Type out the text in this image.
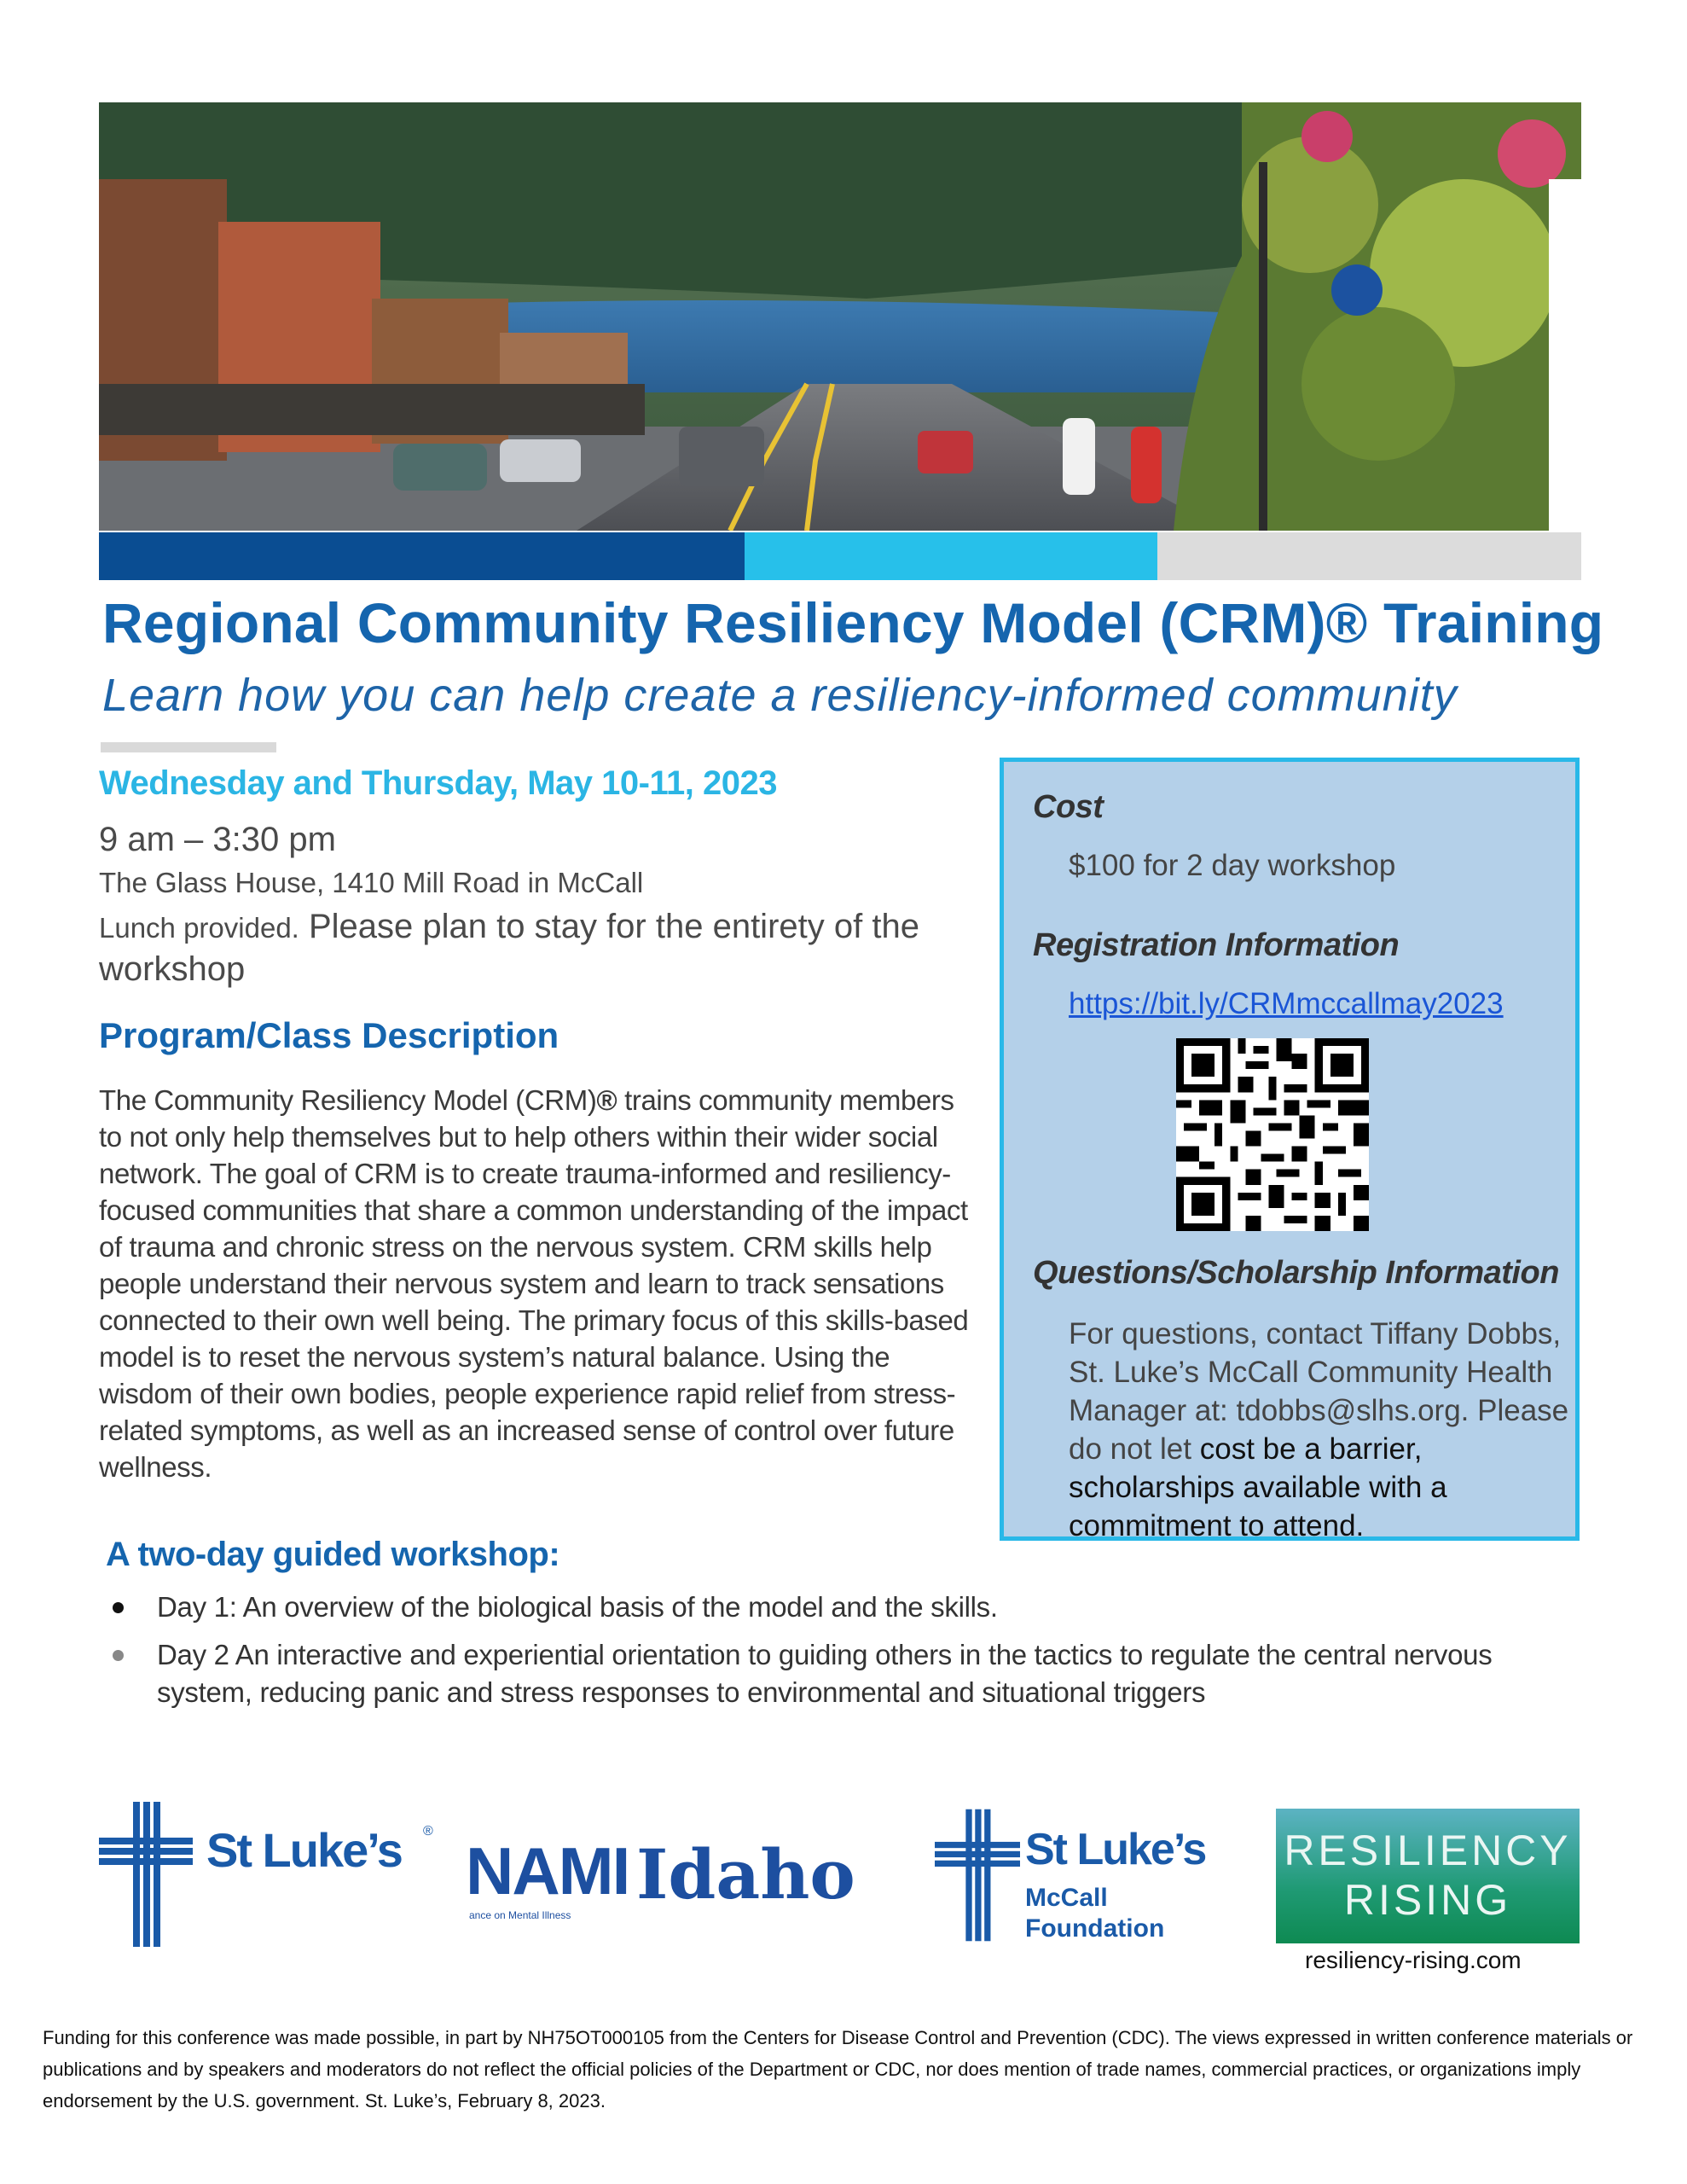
Regional Community Resiliency Model (CRM)® Training
Learn how you can help create a resiliency-informed community
Wednesday and Thursday, May 10-11, 2023
9 am – 3:30 pm
The Glass House, 1410 Mill Road in McCall
Lunch provided. Please plan to stay for the entirety of the workshop
Program/Class Description
The Community Resiliency Model (CRM)® trains community members to not only help themselves but to help others within their wider social network. The goal of CRM is to create trauma-informed and resiliency-focused communities that share a common understanding of the impact of trauma and chronic stress on the nervous system. CRM skills help people understand their nervous system and learn to track sensations connected to their own well being. The primary focus of this skills-based model is to reset the nervous system’s natural balance. Using the wisdom of their own bodies, people experience rapid relief from stress-related symptoms, as well as an increased sense of control over future wellness.
Cost
$100 for 2 day workshop
Registration Information
https://bit.ly/CRMmccallmay2023
Questions/Scholarship Information
For questions, contact Tiffany Dobbs, St. Luke’s McCall Community Health Manager at: tdobbs@slhs.org. Please do not let cost be a barrier, scholarships available with a commitment to attend.
A two-day guided workshop:
Day 1: An overview of the biological basis of the model and the skills.
Day 2 An interactive and experiential orientation to guiding others in the tactics to regulate the central nervous system, reducing panic and stress responses to environmental and situational triggers
St Luke’s ®
NAMI Idaho
ance on Mental Illness
St Luke’s
McCall
Foundation
RESILIENCY
RISING
resiliency-rising.com
Funding for this conference was made possible, in part by NH75OT000105 from the Centers for Disease Control and Prevention (CDC). The views expressed in written conference materials or publications and by speakers and moderators do not reflect the official policies of the Department or CDC, nor does mention of trade names, commercial practices, or organizations imply endorsement by the U.S. government. St. Luke’s, February 8, 2023.
